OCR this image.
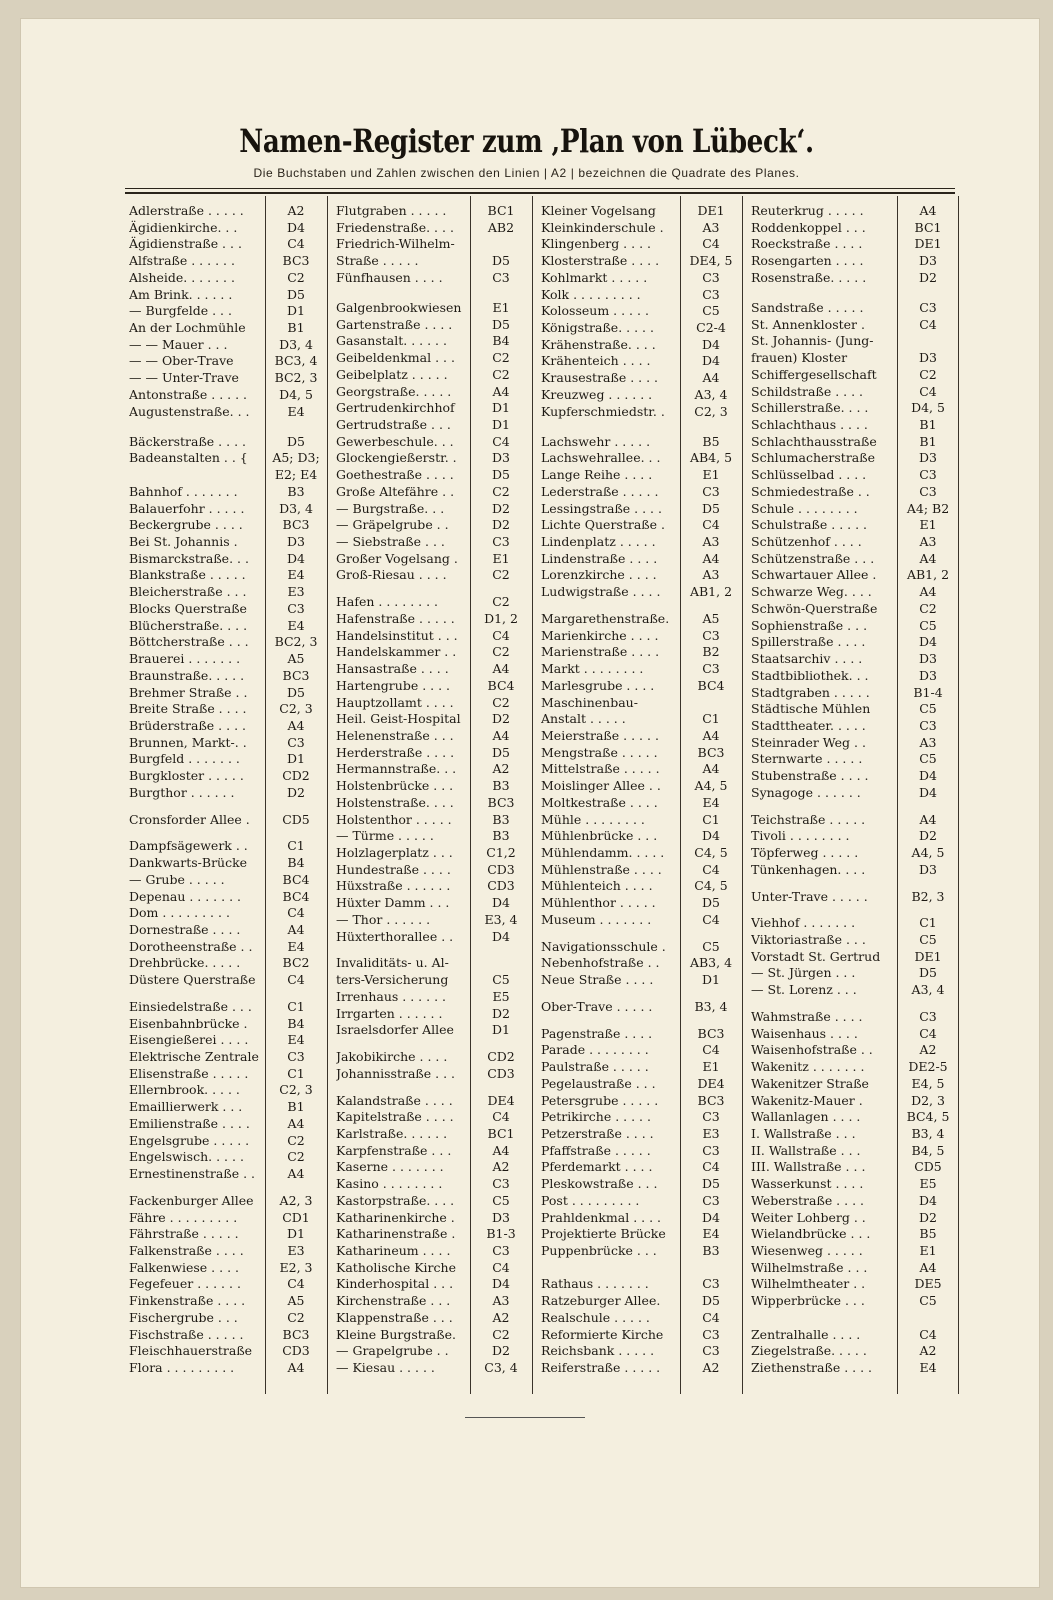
Namen-Register zum ‚Plan von Lübeck‘.
Die Buchstaben und Zahlen zwischen den Linien | A2 | bezeichnen die Quadrate des Planes.
Adlerstraße . . . . .	A2
Ägidienkirche. . .	D4
Ägidienstraße . . .	C4
Alfstraße . . . . . .	BC3
Alsheide. . . . . . .	C2
Am Brink. . . . . .	D5
— Burgfelde . . .	D1
An der Lochmühle	B1
— — Mauer . . .	D3, 4
— — Ober-Trave	BC3, 4
— — Unter-Trave	BC2, 3
Antonstraße . . . . .	D4, 5
Augustenstraße. . .	E4
Bäckerstraße . . . .	D5
Badeanstalten . . {	A5; D3;
E2; E4
Bahnhof . . . . . . .	B3
Balauerfohr . . . . .	D3, 4
Beckergrube . . . .	BC3
Bei St. Johannis .	D3
Bismarckstraße. . .	D4
Blankstraße . . . . .	E4
Bleicherstraße . . .	E3
Blocks Querstraße	C3
Blücherstraße. . . .	E4
Böttcherstraße . . .	BC2, 3
Brauerei . . . . . . .	A5
Braunstraße. . . . .	BC3
Brehmer Straße . .	D5
Breite Straße . . . .	C2, 3
Brüderstraße . . . .	A4
Brunnen, Markt-. .	C3
Burgfeld . . . . . . .	D1
Burgkloster . . . . .	CD2
Burgthor . . . . . .	D2
Cronsforder Allee .	CD5
Dampfsägewerk . .	C1
Dankwarts-Brücke	B4
— Grube . . . . .	BC4
Depenau . . . . . . .	BC4
Dom . . . . . . . . .	C4
Dornestraße . . . .	A4
Dorotheenstraße . .	E4
Drehbrücke. . . . .	BC2
Düstere Querstraße	C4
Einsiedelstraße . . .	C1
Eisenbahnbrücke .	B4
Eisengießerei . . . .	E4
Elektrische Zentrale	C3
Elisenstraße . . . . .	C1
Ellernbrook. . . . .	C2, 3
Emaillierwerk . . .	B1
Emilienstraße . . . .	A4
Engelsgrube . . . . .	C2
Engelswisch. . . . .	C2
Ernestinenstraße . .	A4
Fackenburger Allee	A2, 3
Fähre . . . . . . . . .	CD1
Fährstraße . . . . .	D1
Falkenstraße . . . .	E3
Falkenwiese . . . .	E2, 3
Fegefeuer . . . . . .	C4
Finkenstraße . . . .	A5
Fischergrube . . .	C2
Fischstraße . . . . .	BC3
Fleischhauerstraße	CD3
Flora . . . . . . . . .	A4
Flutgraben . . . . .	BC1
Friedenstraße. . . .	AB2
Friedrich-Wilhelm-
Straße . . . . .	D5
Fünfhausen . . . .	C3
Galgenbrookwiesen	E1
Gartenstraße . . . .	D5
Gasanstalt. . . . . .	B4
Geibeldenkmal . . .	C2
Geibelplatz . . . . .	C2
Georgstraße. . . . .	A4
Gertrudenkirchhof	D1
Gertrudstraße . . .	D1
Gewerbeschule. . .	C4
Glockengießerstr. .	D3
Goethestraße . . . .	D5
Große Altefähre . .	C2
— Burgstraße. . .	D2
— Gräpelgrube . .	D2
— Siebstraße . . .	C3
Großer Vogelsang .	E1
Groß-Riesau . . . .	C2
Hafen . . . . . . . .	C2
Hafenstraße . . . . .	D1, 2
Handelsinstitut . . .	C4
Handelskammer . .	C2
Hansastraße . . . .	A4
Hartengrube . . . .	BC4
Hauptzollamt . . . .	C2
Heil. Geist-Hospital	D2
Helenenstraße . . .	A4
Herderstraße . . . .	D5
Hermannstraße. . .	A2
Holstenbrücke . . .	B3
Holstenstraße. . . .	BC3
Holstenthor . . . . .	B3
— Türme . . . . .	B3
Holzlagerplatz . . .	C1,2
Hundestraße . . . .	CD3
Hüxstraße . . . . . .	CD3
Hüxter Damm . . .	D4
— Thor . . . . . .	E3, 4
Hüxterthorallee . .	D4
Invaliditäts- u. Al-
ters-Versicherung	C5
Irrenhaus . . . . . .	E5
Irrgarten . . . . . .	D2
Israelsdorfer Allee	D1
Jakobikirche . . . .	CD2
Johannisstraße . . .	CD3
Kalandstraße . . . .	DE4
Kapitelstraße . . . .	C4
Karlstraße. . . . . .	BC1
Karpfenstraße . . .	A4
Kaserne . . . . . . .	A2
Kasino . . . . . . . .	C3
Kastorpstraße. . . .	C5
Katharinenkirche .	D3
Katharinenstraße .	B1-3
Katharineum . . . .	C3
Katholische Kirche	C4
Kinderhospital . . .	D4
Kirchenstraße . . .	A3
Klappenstraße . . .	A2
Kleine Burgstraße.	C2
— Grapelgrube . .	D2
— Kiesau . . . . .	C3, 4
Kleiner Vogelsang	DE1
Kleinkinderschule .	A3
Klingenberg . . . .	C4
Klosterstraße . . . .	DE4, 5
Kohlmarkt . . . . .	C3
Kolk . . . . . . . . .	C3
Kolosseum . . . . .	C5
Königstraße. . . . .	C2-4
Krähenstraße. . . .	D4
Krähenteich . . . .	D4
Krausestraße . . . .	A4
Kreuzweg . . . . . .	A3, 4
Kupferschmiedstr. .	C2, 3
Lachswehr . . . . .	B5
Lachswehrallee. . .	AB4, 5
Lange Reihe . . . .	E1
Lederstraße . . . . .	C3
Lessingstraße . . . .	D5
Lichte Querstraße .	C4
Lindenplatz . . . . .	A3
Lindenstraße . . . .	A4
Lorenzkirche . . . .	A3
Ludwigstraße . . . .	AB1, 2
Margarethenstraße.	A5
Marienkirche . . . .	C3
Marienstraße . . . .	B2
Markt . . . . . . . .	C3
Marlesgrube . . . .	BC4
Maschinenbau-
Anstalt . . . . .	C1
Meierstraße . . . . .	A4
Mengstraße . . . . .	BC3
Mittelstraße . . . . .	A4
Moislinger Allee . .	A4, 5
Moltkestraße . . . .	E4
Mühle . . . . . . . .	C1
Mühlenbrücke . . .	D4
Mühlendamm. . . . .	C4, 5
Mühlenstraße . . . .	C4
Mühlenteich . . . .	C4, 5
Mühlenthor . . . . .	D5
Museum . . . . . . .	C4
Navigationsschule .	C5
Nebenhofstraße . .	AB3, 4
Neue Straße . . . .	D1
Ober-Trave . . . . .	B3, 4
Pagenstraße . . . .	BC3
Parade . . . . . . . .	C4
Paulstraße . . . . .	E1
Pegelaustraße . . .	DE4
Petersgrube . . . . .	BC3
Petrikirche . . . . .	C3
Petzerstraße . . . .	E3
Pfaffstraße . . . . .	C3
Pferdemarkt . . . .	C4
Pleskowstraße . . .	D5
Post . . . . . . . . .	C3
Prahldenkmal . . . .	D4
Projektierte Brücke	E4
Puppenbrücke . . .	B3
Rathaus . . . . . . .	C3
Ratzeburger Allee.	D5
Realschule . . . . .	C4
Reformierte Kirche	C3
Reichsbank . . . . .	C3
Reiferstraße . . . . .	A2
Reuterkrug . . . . .	A4
Roddenkoppel . . .	BC1
Roeckstraße . . . .	DE1
Rosengarten . . . .	D3
Rosenstraße. . . . .	D2
Sandstraße . . . . .	C3
St. Annenkloster .	C4
St. Johannis- (Jung-
frauen) Kloster	D3
Schiffergesellschaft	C2
Schildstraße . . . .	C4
Schillerstraße. . . .	D4, 5
Schlachthaus . . . .	B1
Schlachthausstraße	B1
Schlumacherstraße	D3
Schlüsselbad . . . .	C3
Schmiedestraße . .	C3
Schule . . . . . . . .	A4; B2
Schulstraße . . . . .	E1
Schützenhof . . . .	A3
Schützenstraße . . .	A4
Schwartauer Allee .	AB1, 2
Schwarze Weg. . . .	A4
Schwön-Querstraße	C2
Sophienstraße . . .	C5
Spillerstraße . . . .	D4
Staatsarchiv . . . .	D3
Stadtbibliothek. . .	D3
Stadtgraben . . . . .	B1-4
Städtische Mühlen	C5
Stadttheater. . . . .	C3
Steinrader Weg . .	A3
Sternwarte . . . . .	C5
Stubenstraße . . . .	D4
Synagoge . . . . . .	D4
Teichstraße . . . . .	A4
Tivoli . . . . . . . .	D2
Töpferweg . . . . .	A4, 5
Tünkenhagen. . . .	D3
Unter-Trave . . . . .	B2, 3
Viehhof . . . . . . .	C1
Viktoriastraße . . .	C5
Vorstadt St. Gertrud	DE1
— St. Jürgen . . .	D5
— St. Lorenz . . .	A3, 4
Wahmstraße . . . .	C3
Waisenhaus . . . .	C4
Waisenhofstraße . .	A2
Wakenitz . . . . . . .	DE2-5
Wakenitzer Straße	E4, 5
Wakenitz-Mauer .	D2, 3
Wallanlagen . . . .	BC4, 5
I. Wallstraße . . .	B3, 4
II. Wallstraße . . .	B4, 5
III. Wallstraße . . .	CD5
Wasserkunst . . . .	E5
Weberstraße . . . .	D4
Weiter Lohberg . .	D2
Wielandbrücke . . .	B5
Wiesenweg . . . . .	E1
Wilhelmstraße . . .	A4
Wilhelmtheater . .	DE5
Wipperbrücke . . .	C5
Zentralhalle . . . .	C4
Ziegelstraße. . . . .	A2
Ziethenstraße . . . .	E4
